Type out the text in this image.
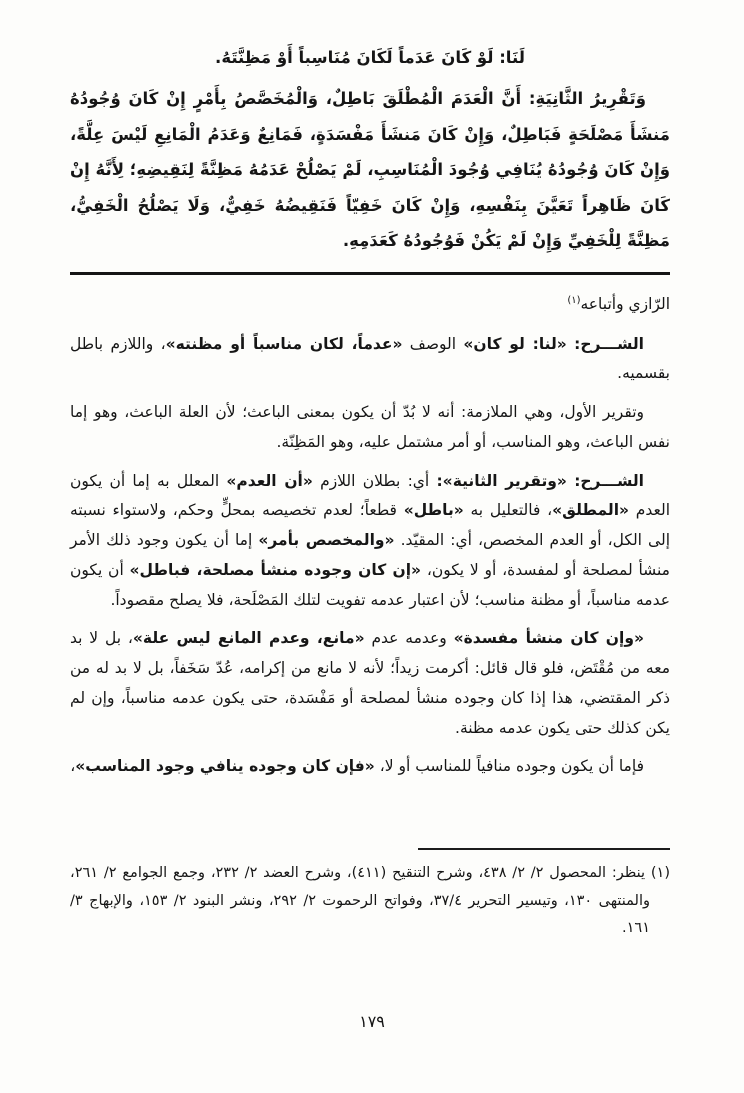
لَنَا: لَوْ كَانَ عَدَماً لَكَانَ مُنَاسِباً أَوْ مَظِنَّتَهُ.

وَتَقْرِيرُ الثَّانِيَةِ: أَنَّ الْعَدَمَ الْمُطْلَقَ بَاطِلٌ، وَالْمُخَصَّصُ بِأَمْرٍ إِنْ كَانَ وُجُودُهُ مَنشَأَ مَصْلَحَةٍ فَبَاطِلٌ، وَإِنْ كَانَ مَنشَأَ مَفْسَدَةٍ، فَمَانِعٌ وَعَدَمُ الْمَانِعِ لَيْسَ عِلَّةً، وَإِنْ كَانَ وُجُودُهُ يُنَافِي وُجُودَ الْمُنَاسِبِ، لَمْ يَصْلُحْ عَدَمُهُ مَظِنَّةً لِنَقِيضِهِ؛ لِأَنَّهُ إِنْ كَانَ ظَاهِراً تَعَيَّنَ بِنَفْسِهِ، وَإِنْ كَانَ خَفِيّاً فَنَقِيضُهُ خَفِيٌّ، وَلَا يَصْلُحُ الْخَفِيُّ، مَظِنَّةً لِلْخَفِيِّ وَإِنْ لَمْ يَكُنْ فَوُجُودُهُ كَعَدَمِهِ.

الرّازي وأتباعه$^{(١)}$

الشـــرح: «لنا: لو كان» الوصف «عدماً، لكان مناسباً أو مظنته»، واللازم باطل بقسميه.

وتقرير الأول، وهي الملازمة: أنه لا بُدّ أن يكون بمعنى الباعث؛ لأن العلة الباعث، وهو إما نفس الباعث، وهو المناسب، أو أمر مشتمل عليه، وهو المَظِنّة.

الشـــرح: «وتقرير الثانية»: أي: بطلان اللازم «أن العدم» المعلل به إما أن يكون العدم «المطلق»، فالتعليل به «باطل» قطعاً؛ لعدم تخصيصه بمحلٍّ وحكم، ولاستواء نسبته إلى الكل، أو العدم المخصص، أي: المقيّد. «والمخصص بأمر» إما أن يكون وجود ذلك الأمر منشأ لمصلحة أو لمفسدة، أو لا يكون، «إن كان وجوده منشأ مصلحة، فباطل» أن يكون عدمه مناسباً، أو مظنة مناسب؛ لأن اعتبار عدمه تفويت لتلك المَصْلَحة، فلا يصلح مقصوداً.

«وإن كان منشأ مفسدة» وعدمه عدم «مانع، وعدم المانع ليس علة»، بل لا بد معه من مُقْتَض، فلو قال قائل: أكرمت زيداً؛ لأنه لا مانع من إكرامه، عُدّ سَخَفاً، بل لا بد له من ذكر المقتضي، هذا إذا كان وجوده منشأ لمصلحة أو مَفْسَدة، حتى يكون عدمه مناسباً، وإن لم يكن كذلك حتى يكون عدمه مظنة.

فإما أن يكون وجوده منافياً للمناسب أو لا، «فإن كان وجوده ينافي وجود المناسب»،

(١) ينظر: المحصول ٢/ ٢/ ٤٣٨، وشرح التنقيح (٤١١)، وشرح العضد ٢/ ٢٣٢، وجمع الجوامع ٢/ ٢٦١، والمنتهى ١٣٠، وتيسير التحرير ٣٧/٤، وفواتح الرحموت ٢/ ٢٩٢، ونشر البنود ٢/ ١٥٣، والإبهاج ٣/ ١٦١.

١٧٩
